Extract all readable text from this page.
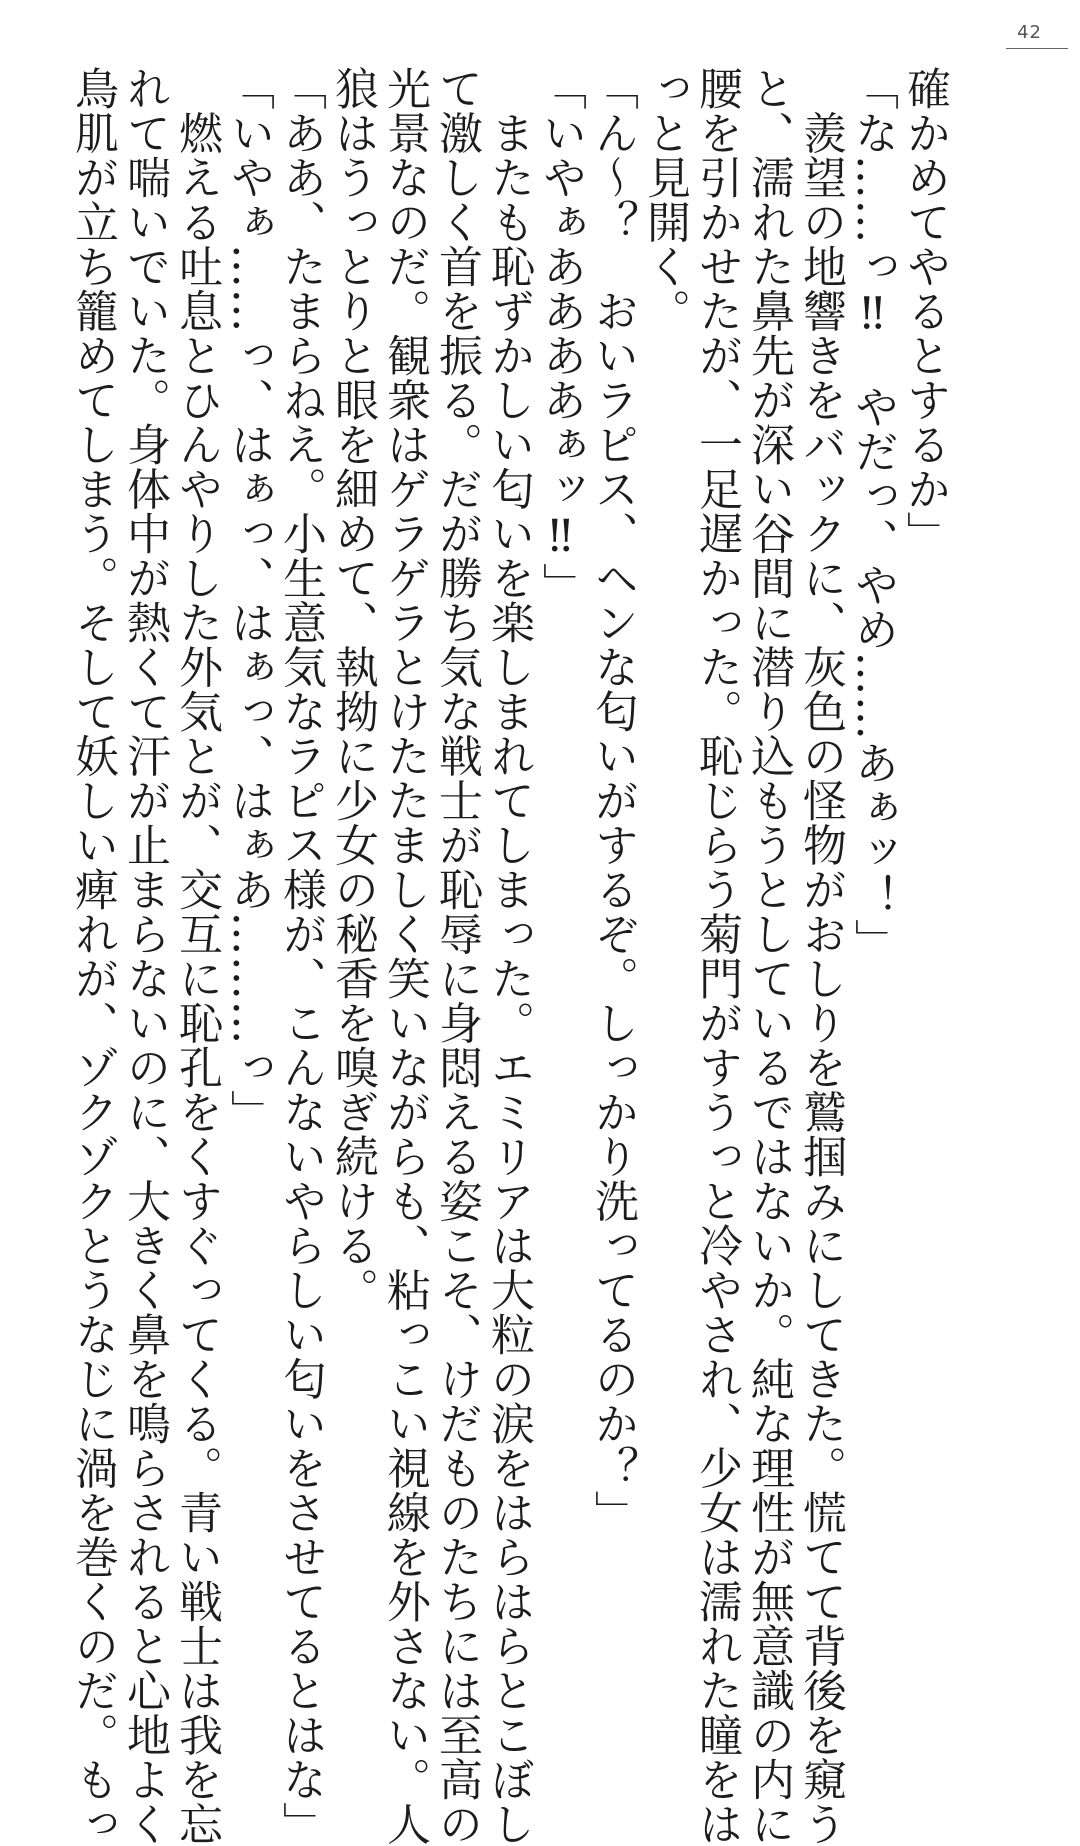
42
確かめてやるとするか」
「な……っ‼　やだっ、やめ……あぁッ！」
　羨望の地響きをバックに、灰色の怪物がおしりを鷲掴みにしてきた。慌てて背後を窺う
と、濡れた鼻先が深い谷間に潜り込もうとしているではないか。純な理性が無意識の内に
腰を引かせたが、一足遅かった。恥じらう菊門がすうっと冷やされ、少女は濡れた瞳をは
っと見開く。
「ん〜？　おいラピス、ヘンな匂いがするぞ。しっかり洗ってるのか？」
「いやぁああああぁッ‼」
　またも恥ずかしい匂いを楽しまれてしまった。エミリアは大粒の涙をはらはらとこぼし
て激しく首を振る。だが勝ち気な戦士が恥辱に身悶える姿こそ、けだものたちには至高の
光景なのだ。観衆はゲラゲラとけたたましく笑いながらも、粘っこい視線を外さない。人
狼はうっとりと眼を細めて、執拗に少女の秘香を嗅ぎ続ける。
「ああ、たまらねえ。小生意気なラピス様が、こんないやらしい匂いをさせてるとはな」
「いやぁ……っ、はぁっ、はぁっ、はぁあ………っ」
　燃える吐息とひんやりした外気とが、交互に恥孔をくすぐってくる。青い戦士は我を忘
れて喘いでいた。身体中が熱くて汗が止まらないのに、大きく鼻を鳴らされると心地よく
鳥肌が立ち籠めてしまう。そして妖しい痺れが、ゾクゾクとうなじに渦を巻くのだ。もっ
